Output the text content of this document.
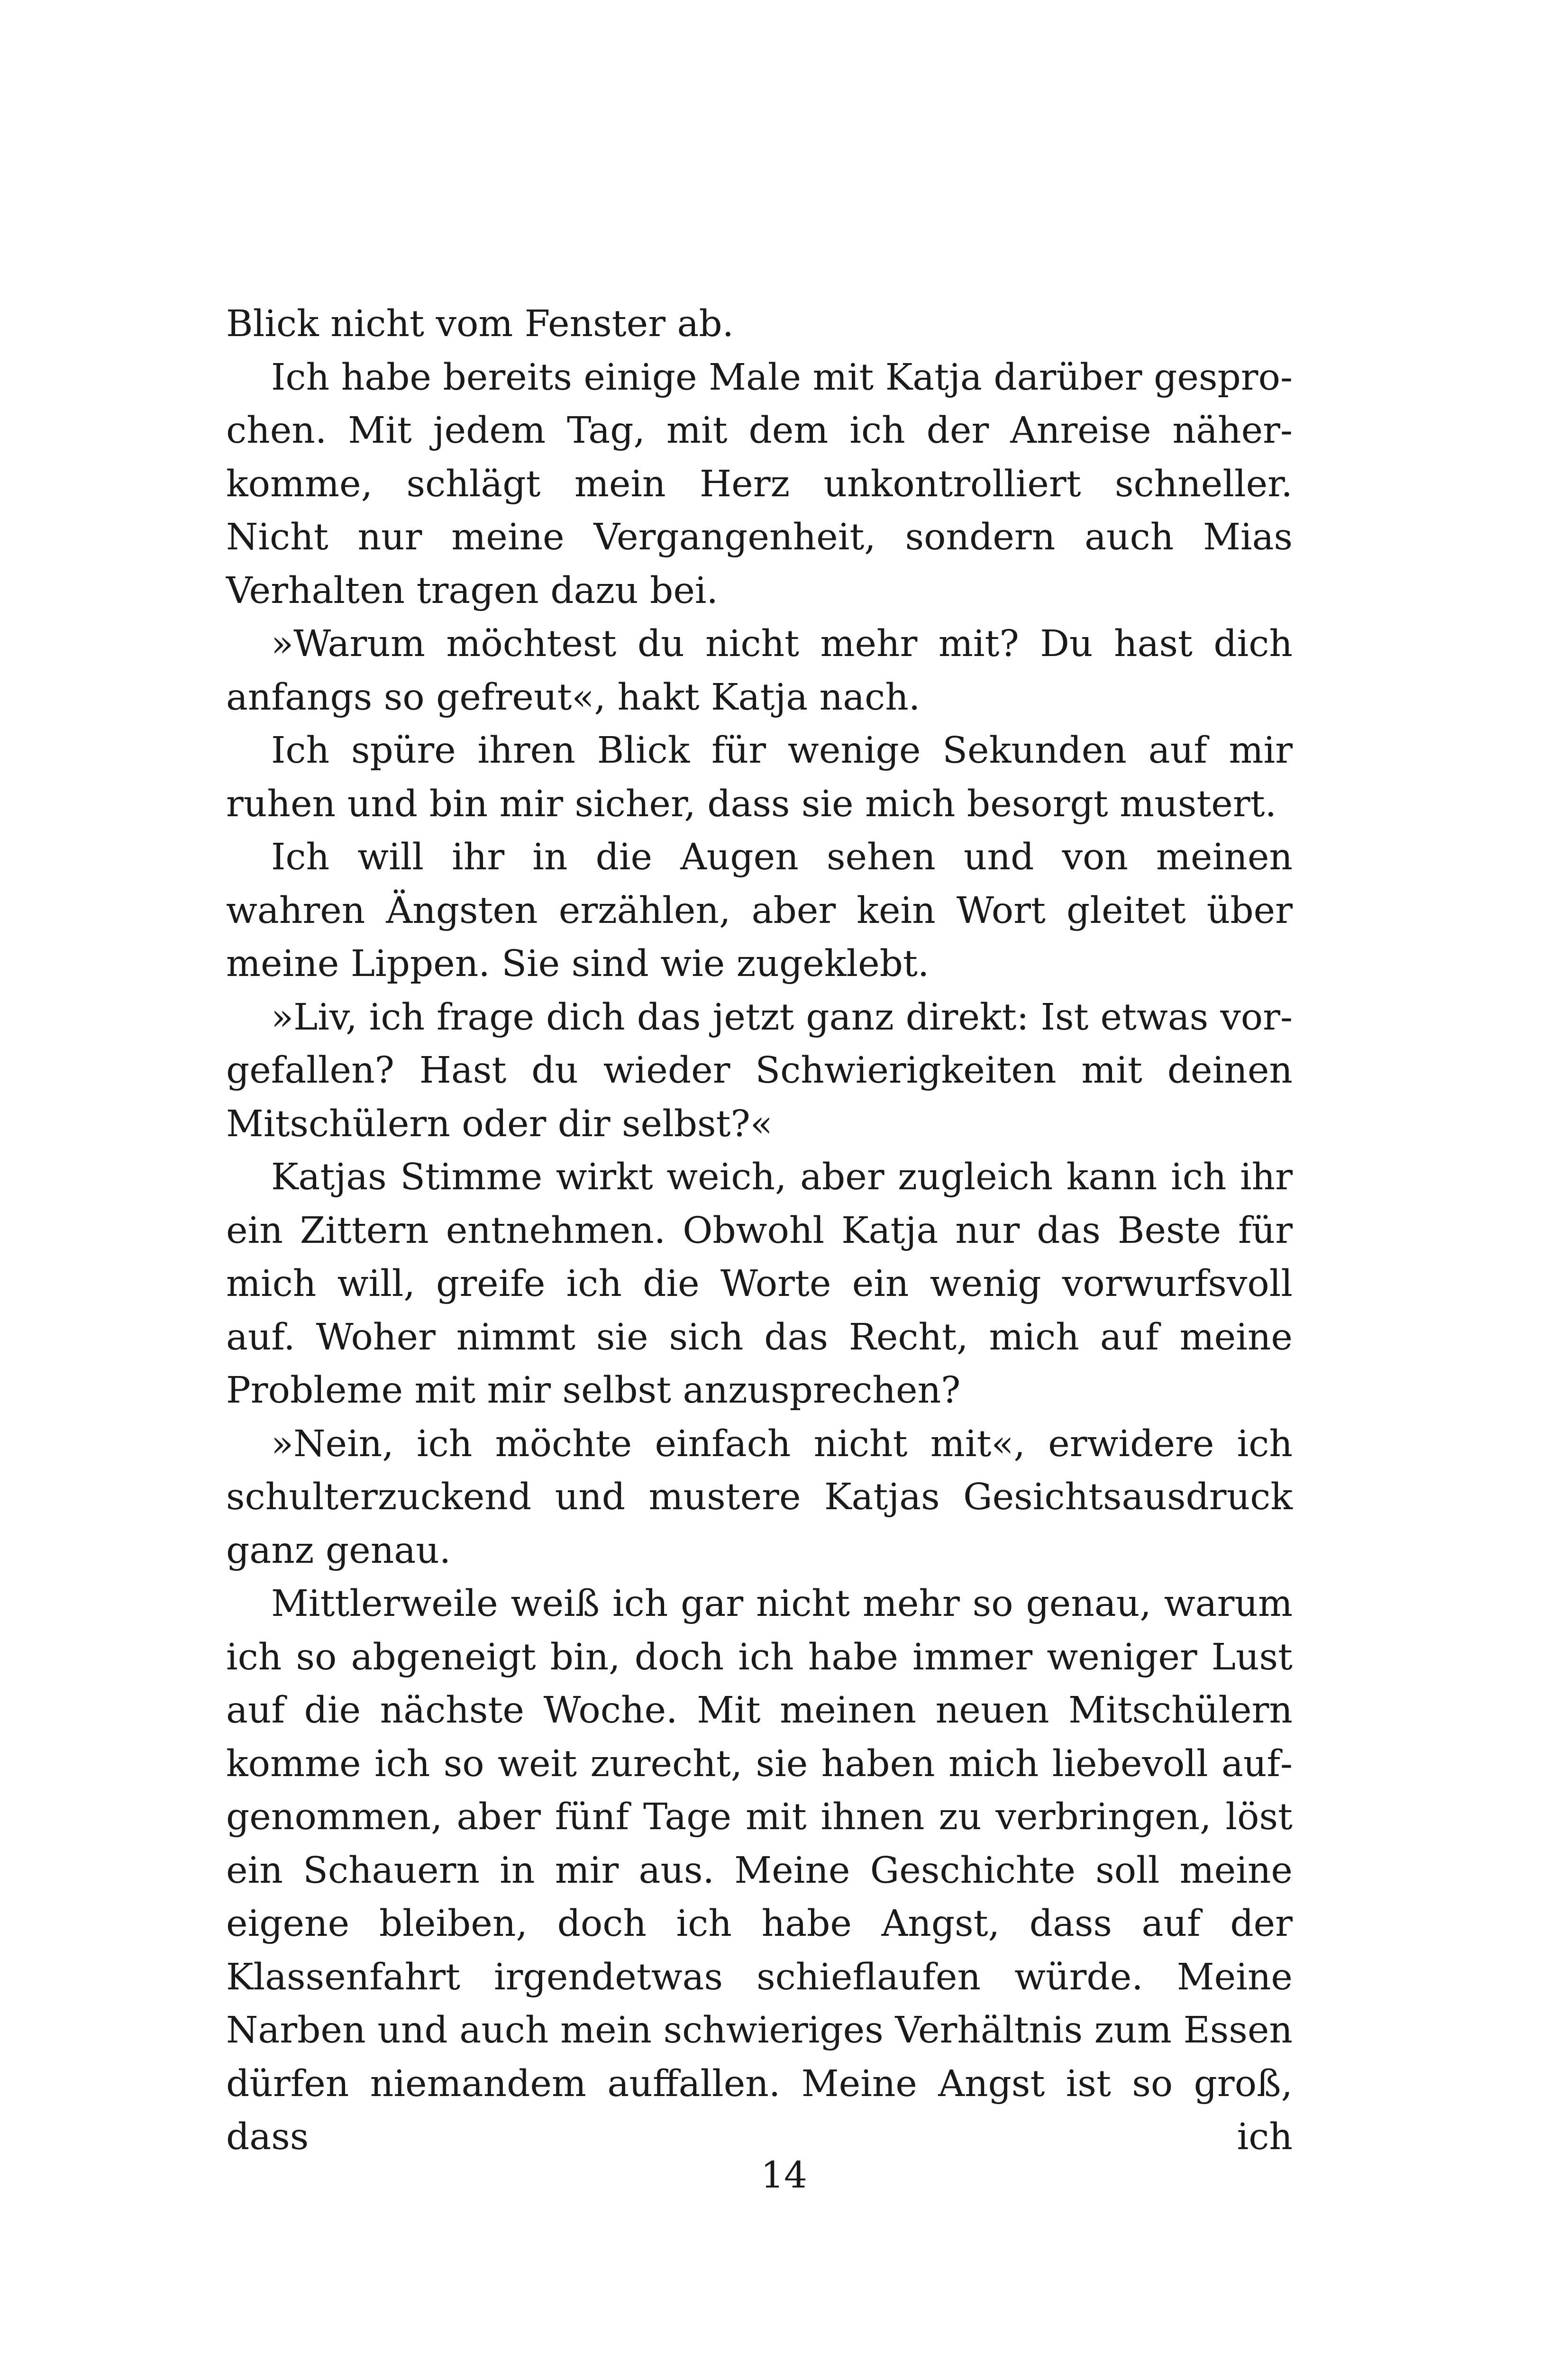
Blick nicht vom Fenster ab.

Ich habe bereits einige Male mit Katja darüber gesprochen. Mit jedem Tag, mit dem ich der Anreise näherkomme, schlägt mein Herz unkontrolliert schneller. Nicht nur meine Vergangenheit, sondern auch Mias Verhalten tragen dazu bei.

»Warum möchtest du nicht mehr mit? Du hast dich anfangs so gefreut«, hakt Katja nach.

Ich spüre ihren Blick für wenige Sekunden auf mir ruhen und bin mir sicher, dass sie mich besorgt mustert.

Ich will ihr in die Augen sehen und von meinen wahren Ängsten erzählen, aber kein Wort gleitet über meine Lippen. Sie sind wie zugeklebt.

»Liv, ich frage dich das jetzt ganz direkt: Ist etwas vorgefallen? Hast du wieder Schwierigkeiten mit deinen Mitschülern oder dir selbst?«

Katjas Stimme wirkt weich, aber zugleich kann ich ihr ein Zittern entnehmen. Obwohl Katja nur das Beste für mich will, greife ich die Worte ein wenig vorwurfsvoll auf. Woher nimmt sie sich das Recht, mich auf meine Probleme mit mir selbst anzusprechen?

»Nein, ich möchte einfach nicht mit«, erwidere ich schulterzuckend und mustere Katjas Gesichtsausdruck ganz genau.

Mittlerweile weiß ich gar nicht mehr so genau, warum ich so abgeneigt bin, doch ich habe immer weniger Lust auf die nächste Woche. Mit meinen neuen Mitschülern komme ich so weit zurecht, sie haben mich liebevoll aufgenommen, aber fünf Tage mit ihnen zu verbringen, löst ein Schauern in mir aus. Meine Geschichte soll meine eigene bleiben, doch ich habe Angst, dass auf der Klassenfahrt irgendetwas schieflaufen würde. Meine Narben und auch mein schwieriges Verhältnis zum Essen dürfen niemandem auffallen. Meine Angst ist so groß, dass ich

14
